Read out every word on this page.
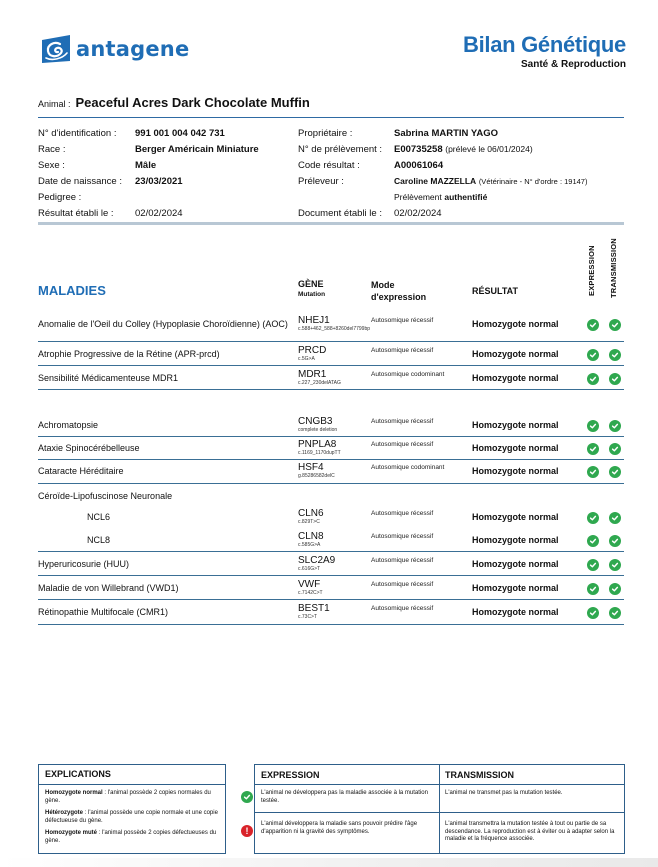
antagene	Bilan Génétique
Santé & Reproduction
Animal : Peaceful Acres Dark Chocolate Muffin
N° d'identification :	991 001 004 042 731
Race :	Berger Américain Miniature
Sexe :	Mâle
Date de naissance :	23/03/2021
Pedigree :
Résultat établi le :	02/02/2024
Propriétaire :	Sabrina MARTIN YAGO
N° de prélèvement :	E00735258
(prélevé le 06/01/2024)
Code résultat :	A00061064
Préleveur :	Caroline MAZZELLA
(Vétérinaire - N° d'ordre : 19147)
Prélèvement
authentifié
Document établi le :	02/02/2024
MALADIES	GÈNE
Mutation
Mode
d'expression
RÉSULTAT	EXPRESSION TRANSMISSION
Anomalie de l'Oeil du Colley (Hypoplasie Choroïdienne) (AOC) NHEJ1
c.588+462_588+8260del7799bp
Autosomique récessif	Homozygote normal
Atrophie Progressive de la Rétine (APR-prcd)	PRCD
c.5G>A
Autosomique récessif	Homozygote normal
Sensibilité Médicamenteuse MDR1	MDR1
c.227_230delATAG
Autosomique codominant	Homozygote normal
Achromatopsie	CNGB3
complete deletion
Autosomique récessif	Homozygote normal
Ataxie Spinocérébelleuse	PNPLA8
c.1169_1170dupTT
Autosomique récessif	Homozygote normal
Cataracte Héréditaire	HSF4
g.85286582delC
Autosomique codominant	Homozygote normal
Céroïde-Lipofuscinose Neuronale
NCL6	CLN6
c.829T>C
Autosomique récessif	Homozygote normal
NCL8	CLN8
c.585G>A
Autosomique récessif	Homozygote normal
Hyperuricosurie (HUU)	SLC2A9
c.616G>T
Autosomique récessif	Homozygote normal
Maladie de von Willebrand (VWD1)	VWF
c.7142C>T
Autosomique récessif	Homozygote normal
Rétinopathie Multifocale (CMR1)	BEST1
c.73C>T
Autosomique récessif	Homozygote normal
EXPLICATIONS
Homozygote normal : l'animal possède 2 copies normales du gène.
Hétérozygote : l'animal possède une copie normale et une copie défectueuse du gène.
Homozygote muté : l'animal possède 2 copies défectueuses du gène.
!
EXPRESSION	TRANSMISSION
L'animal ne développera pas la maladie associée à la mutation testée.
L'animal ne transmet pas la mutation testée.
L'animal développera la maladie sans pouvoir prédire l'âge d'apparition ni la gravité des symptômes.
L'animal transmettra la mutation testée à tout ou partie de sa descendance. La reproduction est à éviter ou à adapter selon la maladie et la fréquence associée.
